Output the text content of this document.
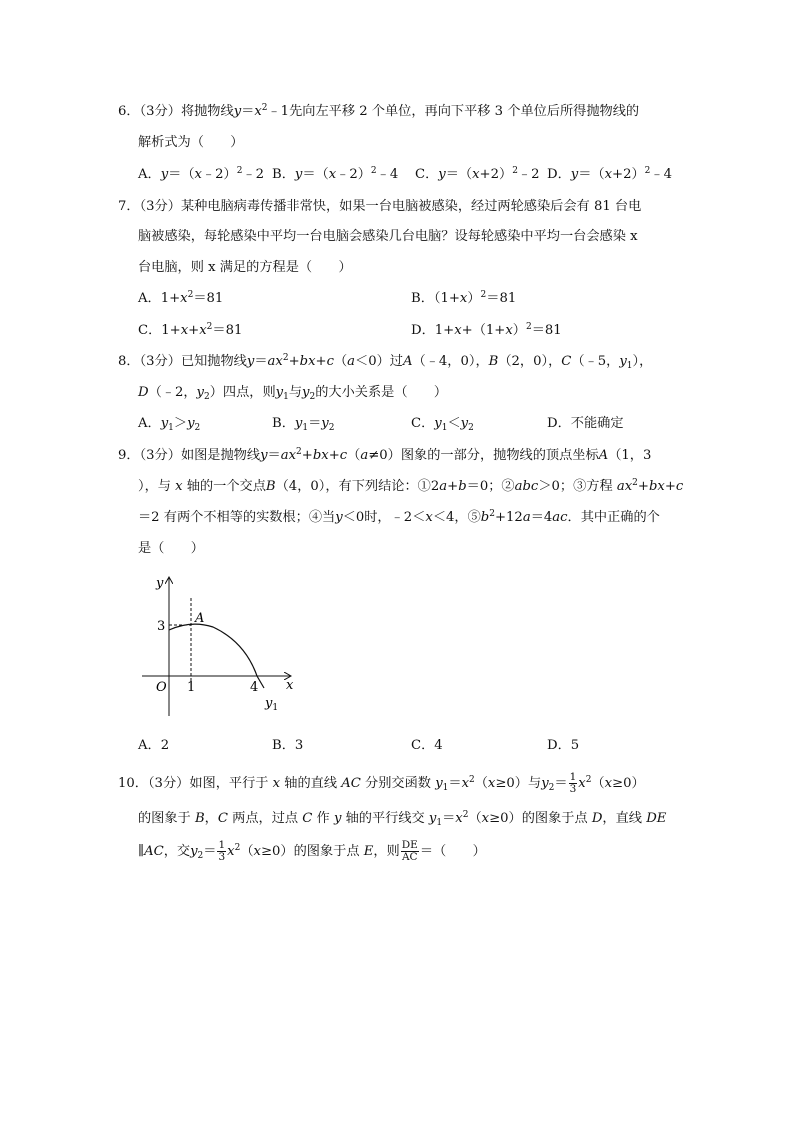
6．（3分）将抛物线$y=x^2﹣1$先向左平移 2 个单位，再向下平移 3 个单位后所得抛物线的
解析式为（　　）
A．y＝（x﹣2）$^2$﹣2 B．y＝（x﹣2）$^2$﹣4 C．$y=(x+2)^2﹣2$ D．$y=(x+2)^2﹣4$
7．（3分）某种电脑病毒传播非常快，如果一台电脑被感染，经过两轮感染后会有 81 台电
脑被感染，每轮感染中平均一台电脑会感染几台电脑？设每轮感染中平均一台会感染 x
台电脑，则 x 满足的方程是（　　）
A．$1+x^2=81$	B．$(1+x)^2=81$
C．$1+x+x^2=81$	D．$1+x+(1+x)^2=81$
8．（3分）已知抛物线$y=ax^2+bx+c(a<0)$过A（﹣4，0），B（2，0），C（﹣5，$y_1$），
D（﹣2，$y_2$）四点，则$y_1$与$y_2$的大小关系是（　　）
A．$y_1>y_2$	B．$y_1=y_2$	C．$y_1<y_2$	D．不能确定
9．（3分）如图是抛物线$y=ax^2+bx+c(a\ne 0)$图象的一部分，抛物线的顶点坐标A（1，3
），与 x 轴的一个交点B（4，0），有下列结论：①2a+b＝0；②abc＞0；③方程 $ax^2+bx+c$
＝2 有两个不相等的实数根；④当y＜0时，﹣2＜x＜4，$⑤b^2+12a=4ac$．其中正确的个
是（　　）
y
x
O
3
1	4
A
$y_1$
A．2	B．3	C．4	D．5
10．（3分）如图，平行于 x 轴的直线 AC 分别交函数 $y_1=x^2(x\ge 0)$与$y_2= \frac{1}{3} x^2(x\ge 0)$
的图象于 B，C 两点，过点 C 作 y 轴的平行线交 $y_1=x^2(x\ge 0)$的图象于点 D，直线 DE
∥AC，交$y_2= \frac{1}{3} x^2(x\ge 0)$的图象于点 E，则 $\frac{DE}{AC}$ ＝（　　）
